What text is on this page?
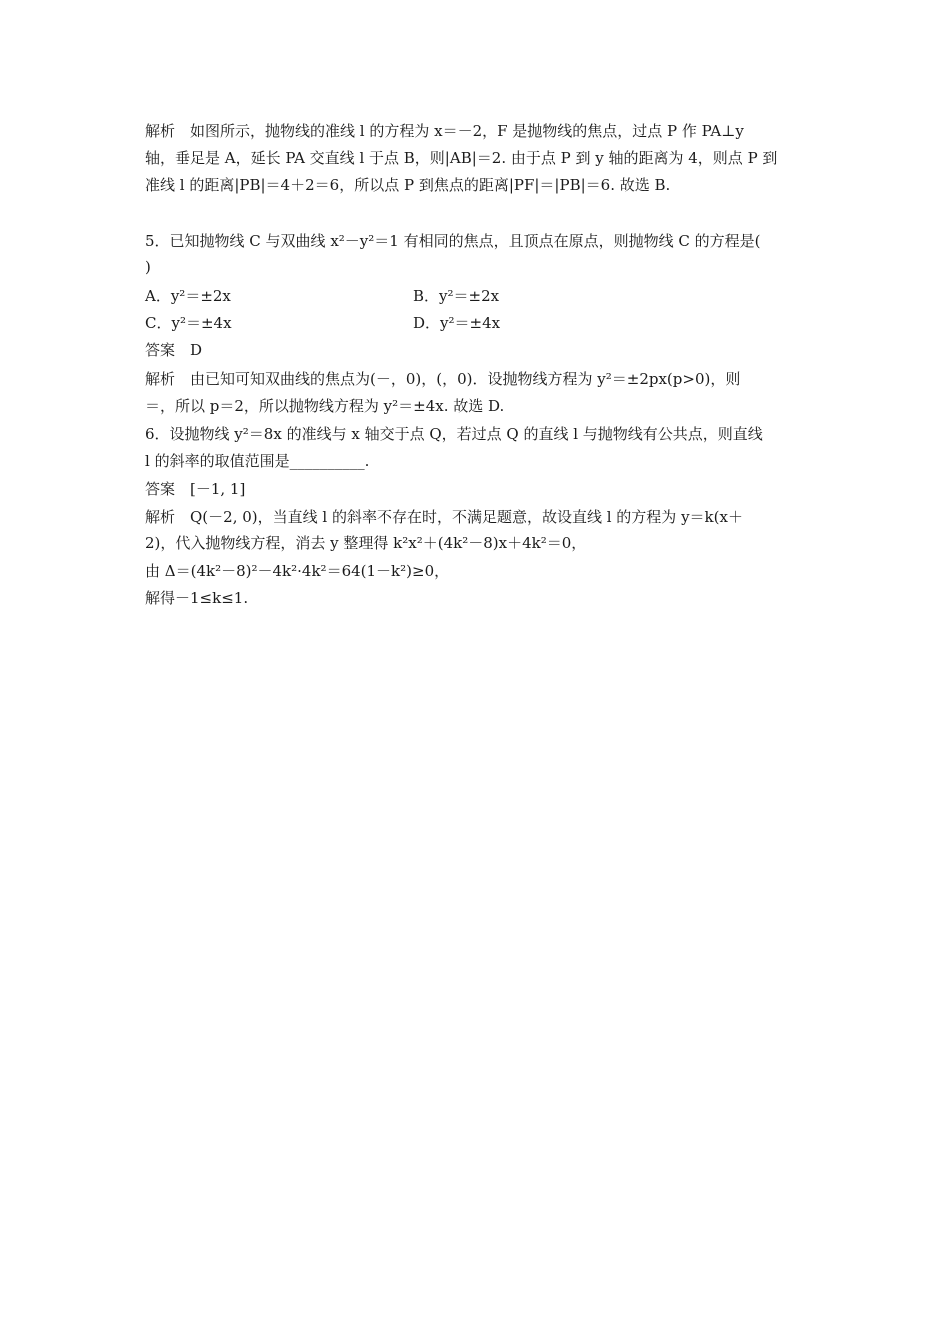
解析　如图所示，抛物线的准线 l 的方程为 x＝－2，F 是抛物线的焦点，过点 P 作 PA⊥y
轴，垂足是 A，延长 PA 交直线 l 于点 B，则|AB|＝2. 由于点 P 到 y 轴的距离为 4，则点 P 到
准线 l 的距离|PB|＝4＋2＝6，所以点 P 到焦点的距离|PF|＝|PB|＝6. 故选 B.
5．已知抛物线 C 与双曲线 x²－y²＝1 有相同的焦点，且顶点在原点，则抛物线 C 的方程是(
)
A．y²＝±2x	B．y²＝±2x
C．y²＝±4x	D．y²＝±4x
答案　D
解析　由已知可知双曲线的焦点为(－，0)，(，0)．设抛物线方程为 y²＝±2px(p>0)，则
＝，所以 p＝2，所以抛物线方程为 y²＝±4x. 故选 D.
6．设抛物线 y²＝8x 的准线与 x 轴交于点 Q，若过点 Q 的直线 l 与抛物线有公共点，则直线
l 的斜率的取值范围是__________.
答案　[－1, 1]
解析　Q(－2, 0)，当直线 l 的斜率不存在时，不满足题意，故设直线 l 的方程为 y＝k(x＋
2)，代入抛物线方程，消去 y 整理得 k²x²＋(4k²－8)x＋4k²＝0，
由 Δ＝(4k²－8)²－4k²·4k²＝64(1－k²)≥0，
解得－1≤k≤1.
